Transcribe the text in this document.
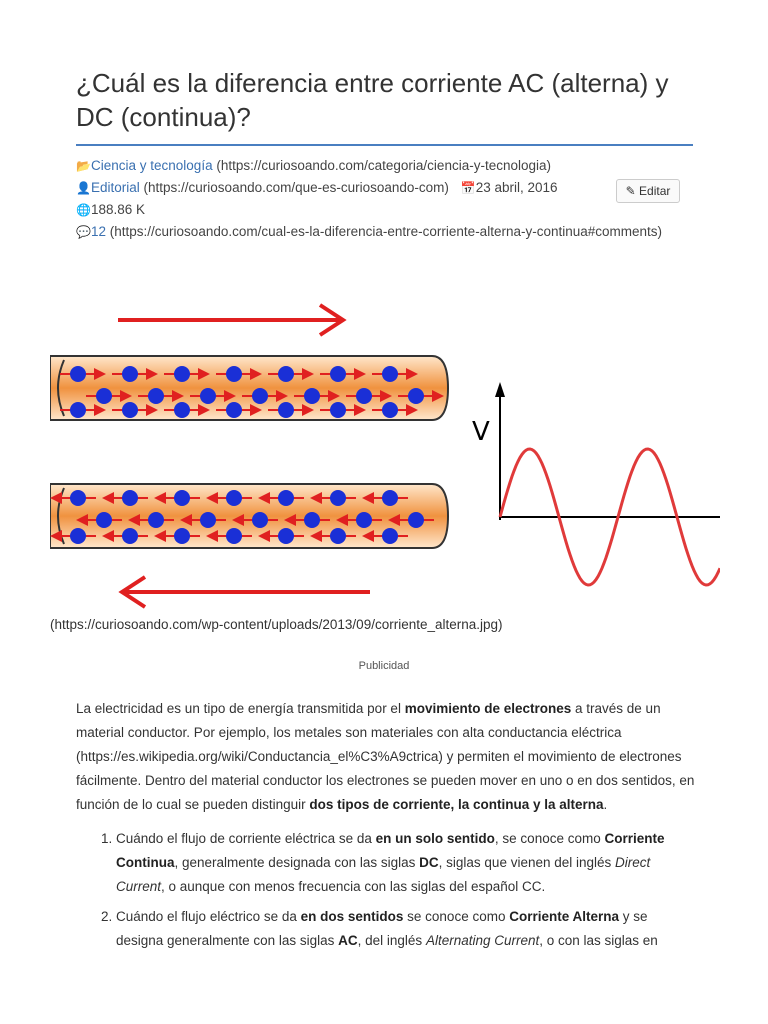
¿Cuál es la diferencia entre corriente AC (alterna) y DC (continua)?
📂Ciencia y tecnología (https://curiosoando.com/categoria/ciencia-y-tecnologia)
👤Editorial (https://curiosoando.com/que-es-curiosoando-com) 📅23 abril, 2016
🌐188.86 K
💬12 (https://curiosoando.com/cual-es-la-diferencia-entre-corriente-alterna-y-continua#comments)
✎ Editar
V
(https://curiosoando.com/wp-content/uploads/2013/09/corriente_alterna.jpg)
Publicidad

La electricidad es un tipo de energía transmitida por el movimiento de electrones a través de un material conductor. Por ejemplo, los metales son materiales con alta conductancia eléctrica (https://es.wikipedia.org/wiki/Conductancia_el%C3%A9ctrica) y permiten el movimiento de electrones fácilmente. Dentro del material conductor los electrones se pueden mover en uno o en dos sentidos, en función de lo cual se pueden distinguir dos tipos de corriente, la continua y la alterna.

1. Cuándo el flujo de corriente eléctrica se da en un solo sentido, se conoce como Corriente Continua, generalmente designada con las siglas DC, siglas que vienen del inglés Direct Current, o aunque con menos frecuencia con las siglas del español CC.
2. Cuándo el flujo eléctrico se da en dos sentidos se conoce como Corriente Alterna y se designa generalmente con las siglas AC, del inglés Alternating Current, o con las siglas en
